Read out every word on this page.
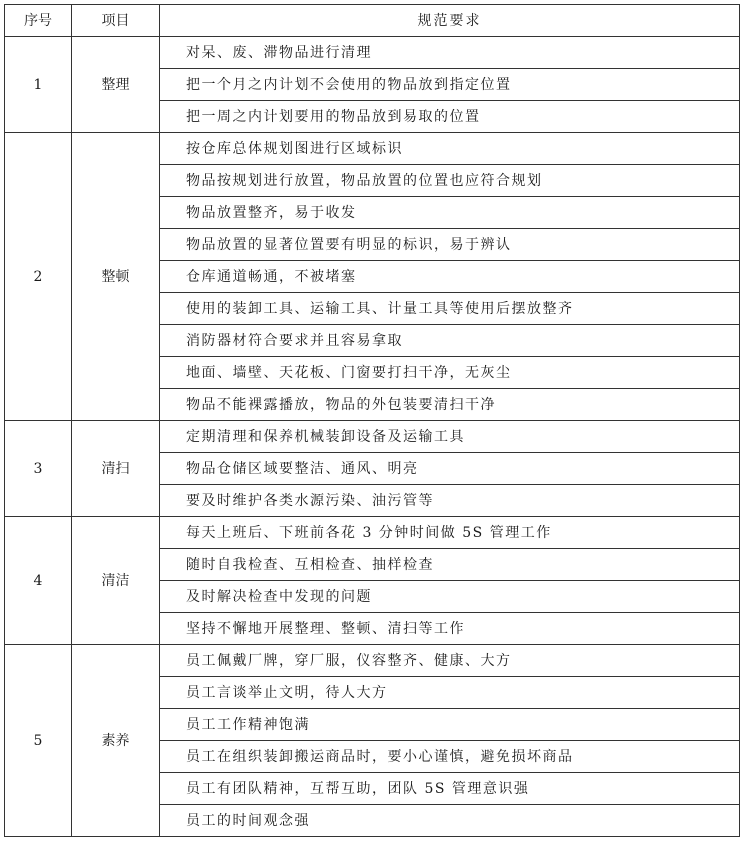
序号	项目	规范要求
1	整理	对呆、废、滞物品进行清理
		把一个月之内计划不会使用的物品放到指定位置
		把一周之内计划要用的物品放到易取的位置
2	整顿	按仓库总体规划图进行区域标识
		物品按规划进行放置，物品放置的位置也应符合规划
		物品放置整齐，易于收发
		物品放置的显著位置要有明显的标识，易于辨认
		仓库通道畅通，不被堵塞
		使用的装卸工具、运输工具、计量工具等使用后摆放整齐
		消防器材符合要求并且容易拿取
		地面、墙壁、天花板、门窗要打扫干净，无灰尘
		物品不能裸露播放，物品的外包装要清扫干净
3	清扫	定期清理和保养机械装卸设备及运输工具
		物品仓储区域要整洁、通风、明亮
		要及时维护各类水源污染、油污管等
4	清洁	每天上班后、下班前各花 3 分钟时间做 5S 管理工作
		随时自我检查、互相检查、抽样检查
		及时解决检查中发现的问题
		坚持不懈地开展整理、整顿、清扫等工作
5	素养	员工佩戴厂牌，穿厂服，仪容整齐、健康、大方
		员工言谈举止文明，待人大方
		员工工作精神饱满
		员工在组织装卸搬运商品时，要小心谨慎，避免损坏商品
		员工有团队精神，互帮互助，团队 5S 管理意识强
		员工的时间观念强
